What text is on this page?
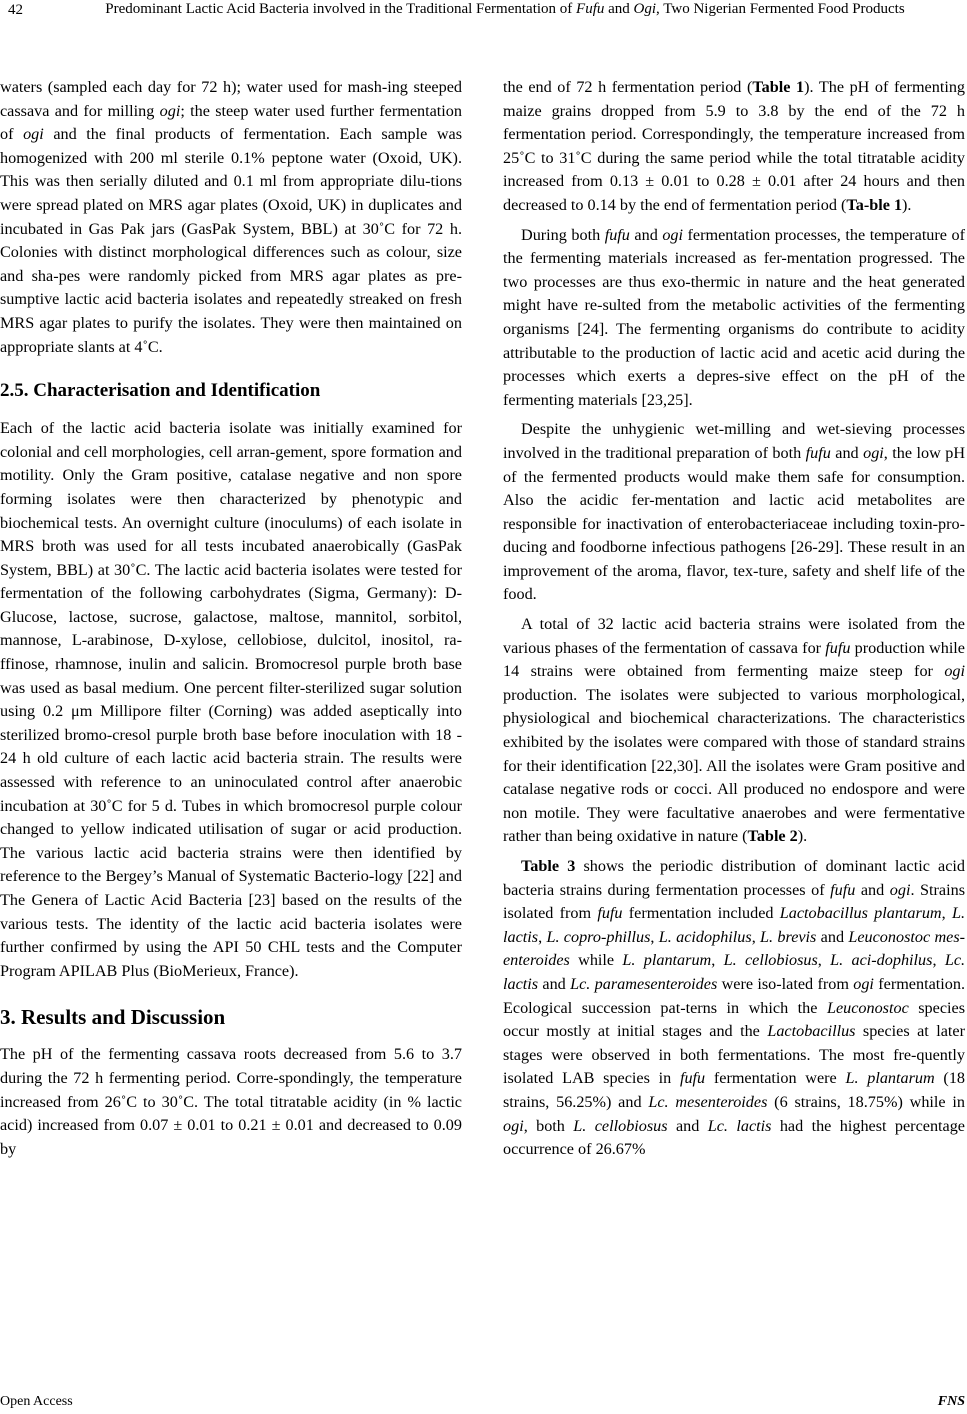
42	Predominant Lactic Acid Bacteria involved in the Traditional Fermentation of Fufu and Ogi, Two Nigerian Fermented Food Products

waters (sampled each day for 72 h); water used for mash-ing steeped cassava and for milling ogi; the steep water used further fermentation of ogi and the final products of fermentation. Each sample was homogenized with 200 ml sterile 0.1% peptone water (Oxoid, UK). This was then serially diluted and 0.1 ml from appropriate dilu-tions were spread plated on MRS agar plates (Oxoid, UK) in duplicates and incubated in Gas Pak jars (GasPak System, BBL) at 30˚C for 72 h. Colonies with distinct morphological differences such as colour, size and sha-pes were randomly picked from MRS agar plates as pre-sumptive lactic acid bacteria isolates and repeatedly streaked on fresh MRS agar plates to purify the isolates. They were then maintained on appropriate slants at 4˚C.

2.5. Characterisation and Identification

Each of the lactic acid bacteria isolate was initially examined for colonial and cell morphologies, cell arran-gement, spore formation and motility. Only the Gram positive, catalase negative and non spore forming isolates were then characterized by phenotypic and biochemical tests. An overnight culture (inoculums) of each isolate in MRS broth was used for all tests incubated anaerobically (GasPak System, BBL) at 30˚C. The lactic acid bacteria isolates were tested for fermentation of the following carbohydrates (Sigma, Germany): D-Glucose, lactose, sucrose, galactose, maltose, mannitol, sorbitol, mannose, L-arabinose, D-xylose, cellobiose, dulcitol, inositol, ra-ffinose, rhamnose, inulin and salicin. Bromocresol purple broth base was used as basal medium. One percent filter-sterilized sugar solution using 0.2 μm Millipore filter (Corning) was added aseptically into sterilized bromo-cresol purple broth base before inoculation with 18 - 24 h old culture of each lactic acid bacteria strain. The results were assessed with reference to an uninoculated control after anaerobic incubation at 30˚C for 5 d. Tubes in which bromocresol purple colour changed to yellow indicated utilisation of sugar or acid production. The various lactic acid bacteria strains were then identified by reference to the Bergey’s Manual of Systematic Bacterio-logy [22] and The Genera of Lactic Acid Bacteria [23] based on the results of the various tests. The identity of the lactic acid bacteria isolates were further confirmed by using the API 50 CHL tests and the Computer Program APILAB Plus (BioMerieux, France).

3. Results and Discussion

The pH of the fermenting cassava roots decreased from 5.6 to 3.7 during the 72 h fermenting period. Corre-spondingly, the temperature increased from 26˚C to 30˚C. The total titratable acidity (in % lactic acid) increased from 0.07 ± 0.01 to 0.21 ± 0.01 and decreased to 0.09 by

the end of 72 h fermentation period (Table 1). The pH of fermenting maize grains dropped from 5.9 to 3.8 by the end of the 72 h fermentation period. Correspondingly, the temperature increased from 25˚C to 31˚C during the same period while the total titratable acidity increased from 0.13 ± 0.01 to 0.28 ± 0.01 after 24 hours and then decreased to 0.14 by the end of fermentation period (Ta-ble 1).

During both fufu and ogi fermentation processes, the temperature of the fermenting materials increased as fer-mentation progressed. The two processes are thus exo-thermic in nature and the heat generated might have re-sulted from the metabolic activities of the fermenting organisms [24]. The fermenting organisms do contribute to acidity attributable to the production of lactic acid and acetic acid during the processes which exerts a depres-sive effect on the pH of the fermenting materials [23,25].

Despite the unhygienic wet-milling and wet-sieving processes involved in the traditional preparation of both fufu and ogi, the low pH of the fermented products would make them safe for consumption. Also the acidic fer-mentation and lactic acid metabolites are responsible for inactivation of enterobacteriaceae including toxin-pro-ducing and foodborne infectious pathogens [26-29]. These result in an improvement of the aroma, flavor, tex-ture, safety and shelf life of the food.

A total of 32 lactic acid bacteria strains were isolated from the various phases of the fermentation of cassava for fufu production while 14 strains were obtained from fermenting maize steep for ogi production. The isolates were subjected to various morphological, physiological and biochemical characterizations. The characteristics exhibited by the isolates were compared with those of standard strains for their identification [22,30]. All the isolates were Gram positive and catalase negative rods or cocci. All produced no endospore and were non motile. They were facultative anaerobes and were fermentative rather than being oxidative in nature (Table 2).

Table 3 shows the periodic distribution of dominant lactic acid bacteria strains during fermentation processes of fufu and ogi. Strains isolated from fufu fermentation included Lactobacillus plantarum, L. lactis, L. copro-phillus, L. acidophilus, L. brevis and Leuconostoc mes-enteroides while L. plantarum, L. cellobiosus, L. aci-dophilus, Lc. lactis and Lc. paramesenteroides were iso-lated from ogi fermentation. Ecological succession pat-terns in which the Leuconostoc species occur mostly at initial stages and the Lactobacillus species at later stages were observed in both fermentations. The most fre-quently isolated LAB species in fufu fermentation were L. plantarum (18 strains, 56.25%) and Lc. mesenteroides (6 strains, 18.75%) while in ogi, both L. cellobiosus and Lc. lactis had the highest percentage occurrence of 26.67%

Open Access	FNS
